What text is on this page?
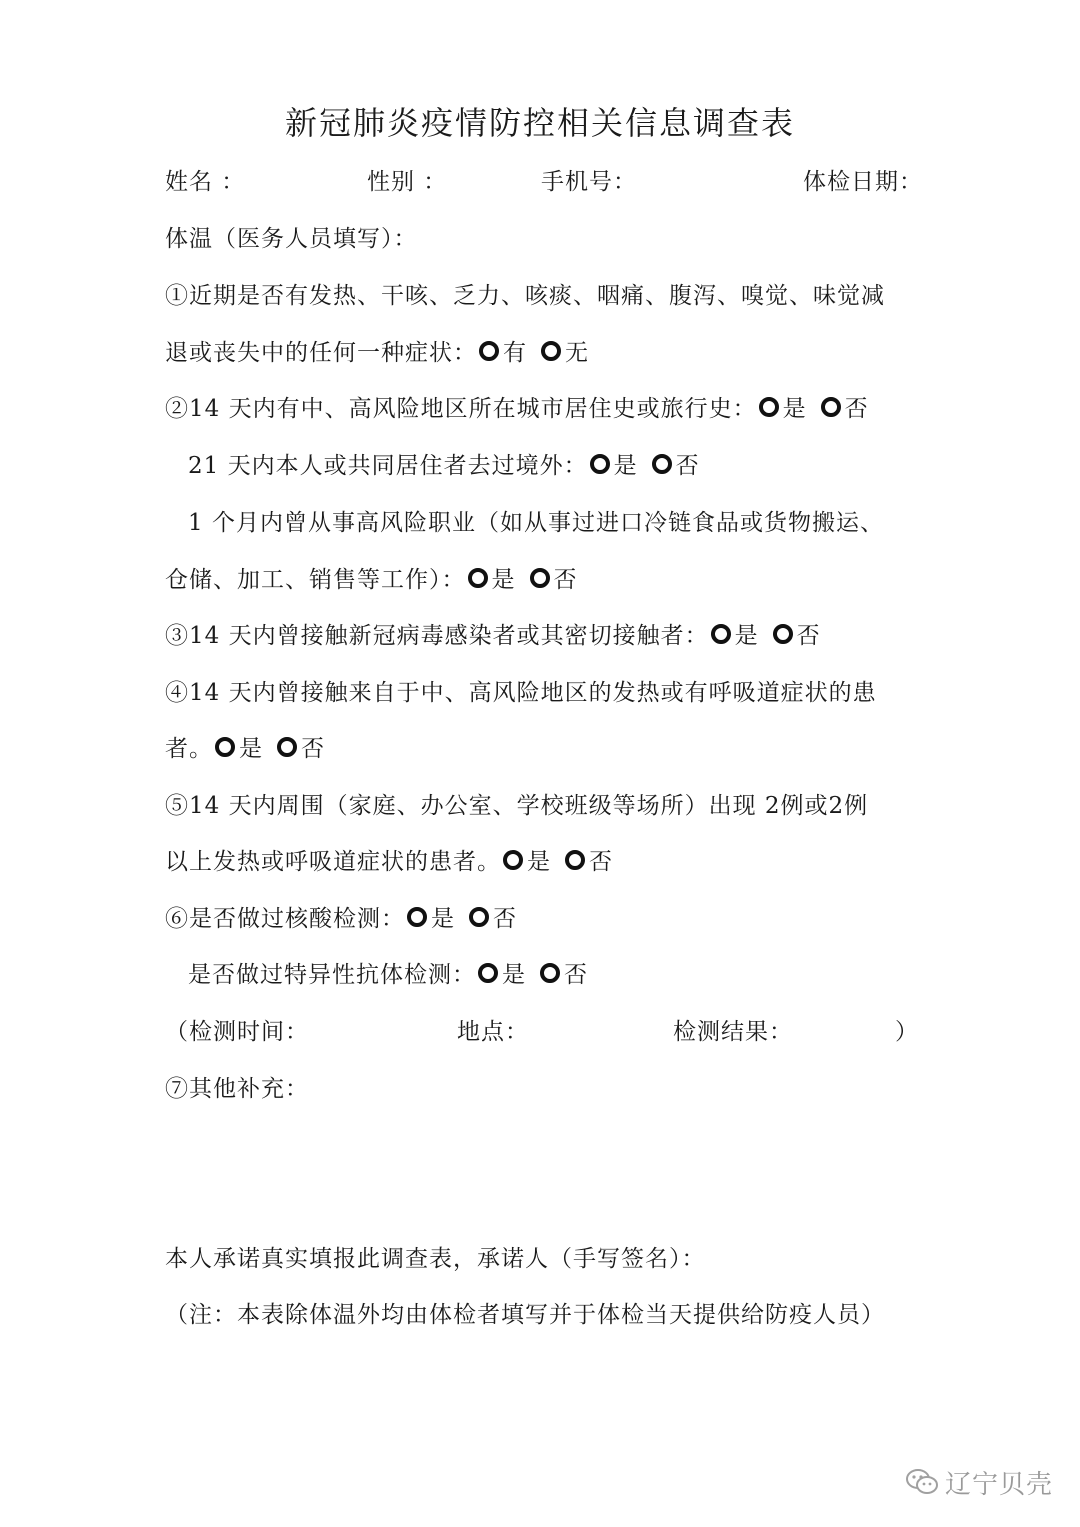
新冠肺炎疫情防控相关信息调查表
姓名 ：	性别 ：	手机号：	体检日期：
体温（医务人员填写）：
①近期是否有发热、干咳、乏力、咳痰、咽痛、腹泻、嗅觉、味觉减
退或丧失中的任何一种症状： 有 无
②14 天内有中、高风险地区所在城市居住史或旅行史： 是 否
21 天内本人或共同居住者去过境外： 是 否
1 个月内曾从事高风险职业（如从事过进口冷链食品或货物搬运、
仓储、加工、销售等工作）： 是 否
③14 天内曾接触新冠病毒感染者或其密切接触者： 是 否
④14 天内曾接触来自于中、高风险地区的发热或有呼吸道症状的患
者。 是 否
⑤14 天内周围（家庭、办公室、学校班级等场所）出现 2例或2例
以上发热或呼吸道症状的患者。 是 否
⑥是否做过核酸检测： 是 否
是否做过特异性抗体检测： 是 否
（检测时间：	地点：	检测结果：	）
⑦其他补充：
本人承诺真实填报此调查表，承诺人（手写签名）：
（注：本表除体温外均由体检者填写并于体检当天提供给防疫人员）
辽宁贝壳
